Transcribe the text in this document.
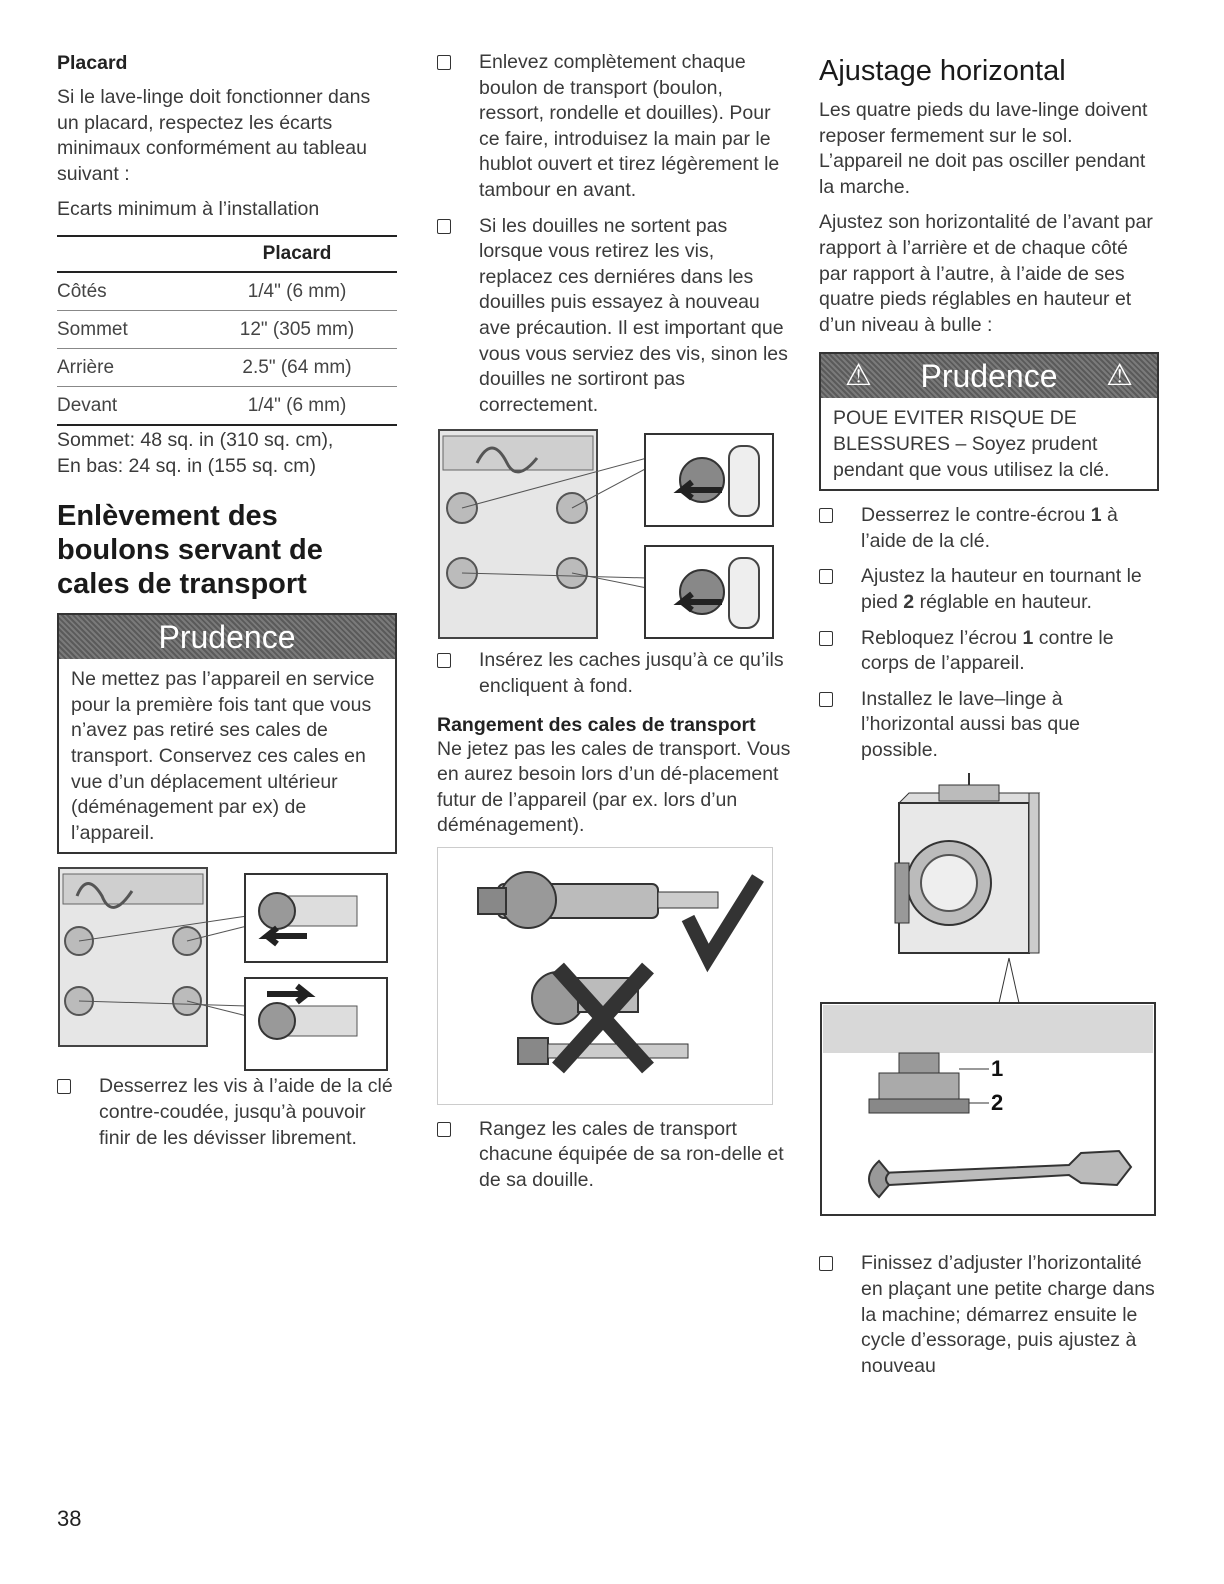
Placard

Si le lave-linge doit fonctionner dans un placard, respectez les écarts minimaux conformément au tableau suivant :

Ecarts minimum à l’installation

	Placard
Côtés	1/4" (6 mm)
Sommet	12" (305 mm)
Arrière	2.5" (64 mm)
Devant	1/4" (6 mm)

Sommet: 48 sq. in (310 sq. cm),

En bas: 24 sq. in (155 sq. cm)

Enlèvement des boulons servant de cales de transport
Prudence
Ne mettez pas l’appareil en service pour la première fois tant que vous n’avez pas retiré ses cales de transport. Conservez ces cales en vue d’un déplacement ultérieur (déménagement par ex) de l’appareil.
Desserrez les vis à l’aide de la clé contre-coudée, jusqu’à pouvoir finir de les dévisser librement.
Enlevez complètement chaque boulon de transport (boulon, ressort, rondelle et douilles). Pour ce faire, introduisez la main par le hublot ouvert et tirez légèrement le tambour en avant.
Si les douilles ne sortent pas lorsque vous retirez les vis, replacez ces derniéres dans les douilles puis essayez à nouveau ave précaution. Il est important que vous vous serviez des vis, sinon les douilles ne sortiront pas correctement.
Insérez les caches jusqu’à ce qu’ils encliquent à fond.
Rangement des cales de transport

Ne jetez pas les cales de transport. Vous en aurez besoin lors d’un dé-placement futur de l’appareil (par ex. lors d’un déménagement).

Rangez les cales de transport chacune équipée de sa ron-delle et de sa douille.
Ajustage horizontal

Les quatre pieds du lave-linge doivent reposer fermement sur le sol. L’appareil ne doit pas osciller pendant la marche.

Ajustez son horizontalité de l’avant par rapport à l’arrière et de chaque côté par rapport à l’autre, à l’aide de ses quatre pieds réglables en hauteur et d’un niveau à bulle :

⚠ Prudence ⚠
POUE EVITER RISQUE DE BLESSURES – Soyez prudent pendant que vous utilisez la clé.
Desserrez le contre-écrou 1 à l’aide de la clé.
Ajustez la hauteur en tournant le pied 2 réglable en hauteur.
Rebloquez l’écrou 1 contre le corps de l’appareil.
Installez le lave–linge à l’horizontal aussi bas que possible.
1
2
Finissez d’adjuster l’horizontalité en plaçant une petite charge dans la machine; démarrez ensuite le cycle d’essorage, puis ajustez à nouveau
38
